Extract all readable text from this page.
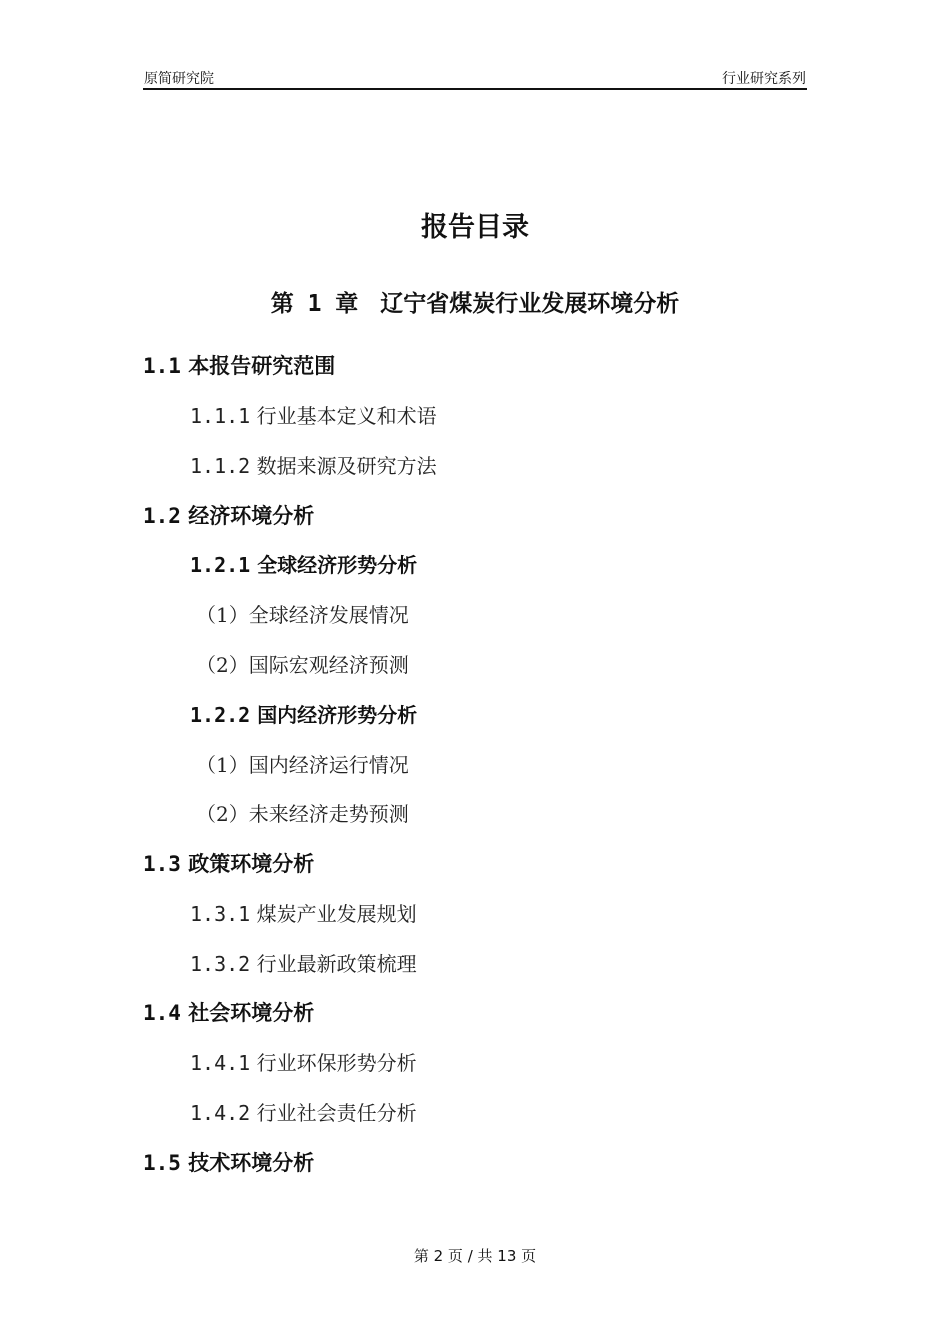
原简研究院	行业研究系列
报告目录
第 1 章 辽宁省煤炭行业发展环境分析
1.1 本报告研究范围
1.1.1 行业基本定义和术语
1.1.2 数据来源及研究方法
1.2 经济环境分析
1.2.1 全球经济形势分析
（1）全球经济发展情况
（2）国际宏观经济预测
1.2.2 国内经济形势分析
（1）国内经济运行情况
（2）未来经济走势预测
1.3 政策环境分析
1.3.1 煤炭产业发展规划
1.3.2 行业最新政策梳理
1.4 社会环境分析
1.4.1 行业环保形势分析
1.4.2 行业社会责任分析
1.5 技术环境分析
第 2 页 / 共 13 页
